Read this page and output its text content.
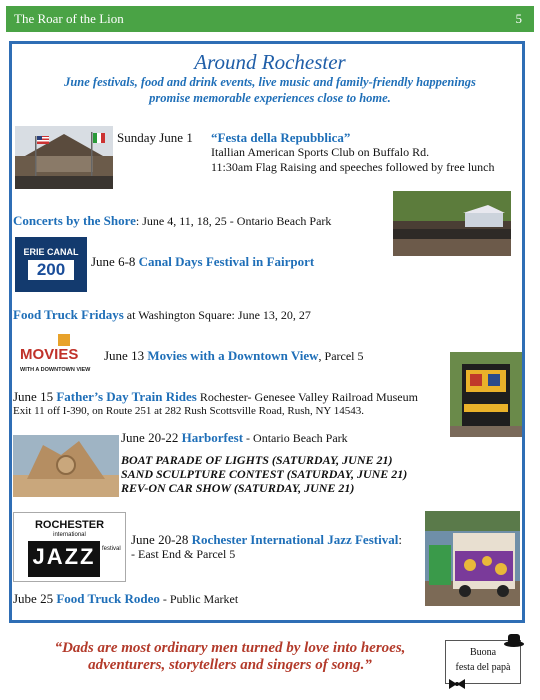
The Roar of the Lion	5
Around Rochester
June festivals, food and drink events, live music and family-friendly happenings
promise memorable experiences close to home.
Sunday June 1 “Festa della Repubblica”
Itallian American Sports Club on Buffalo Rd.
11:30am Flag Raising and speeches followed by free lunch
Concerts by the Shore: June 4, 11, 18, 25 - Ontario Beach Park
ERIE CANAL
200	June 6-8 Canal Days Festival in Fairport
Food Truck Fridays at Washington Square: June 13, 20, 27
MOVIES
WITH A DOWNTOWN VIEW
June 13 Movies with a Downtown View, Parcel 5
June 15 Father’s Day Train Rides Rochester- Genesee Valley Railroad Museum
Exit 11 off I-390, on Route 251 at 282 Rush Scottsville Road, Rush, NY 14543.
June 20-22 Harborfest - Ontario Beach Park
BOAT PARADE OF LIGHTS (SATURDAY, JUNE 21)
SAND SCULPTURE CONTEST (SATURDAY, JUNE 21)
REV-ON CAR SHOW (SATURDAY, JUNE 21)
ROCHESTER
international
JAZZ	festival
June 20-28 Rochester International Jazz Festival:
- East End & Parcel 5
Jube 25 Food Truck Rodeo - Public Market
“Dads are most ordinary men turned by love into heroes,
adventurers, storytellers and singers of song.”
Buona
festa del papà
